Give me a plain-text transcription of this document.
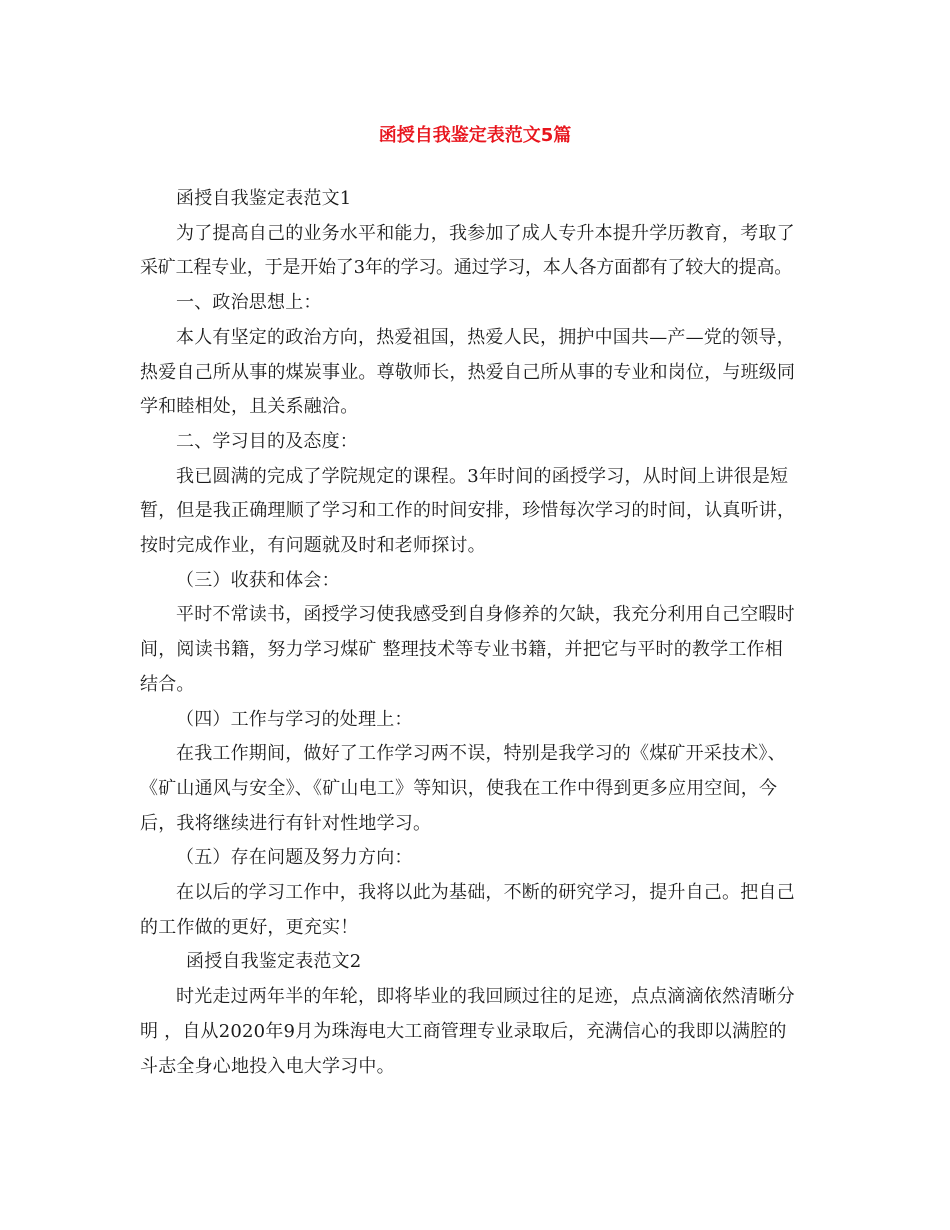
函授自我鉴定表范文5篇

函授自我鉴定表范文1

为了提高自己的业务水平和能力，我参加了成人专升本提升学历教育，考取了

采矿工程专业，于是开始了3年的学习。通过学习，本人各方面都有了较大的提高。

一、政治思想上：

本人有坚定的政治方向，热爱祖国，热爱人民，拥护中国共—产—党的领导，

热爱自己所从事的煤炭事业。尊敬师长，热爱自己所从事的专业和岗位，与班级同

学和睦相处，且关系融洽。

二、学习目的及态度：

我已圆满的完成了学院规定的课程。3年时间的函授学习，从时间上讲很是短

暂，但是我正确理顺了学习和工作的时间安排，珍惜每次学习的时间，认真听讲，

按时完成作业，有问题就及时和老师探讨。

（三）收获和体会：

平时不常读书，函授学习使我感受到自身修养的欠缺，我充分利用自己空暇时

间，阅读书籍，努力学习煤矿 整理技术等专业书籍，并把它与平时的教学工作相

结合。

（四）工作与学习的处理上：

在我工作期间，做好了工作学习两不误，特别是我学习的《煤矿开采技术》、

《矿山通风与安全》、《矿山电工》等知识，使我在工作中得到更多应用空间，今

后，我将继续进行有针对性地学习。

（五）存在问题及努力方向：

在以后的学习工作中，我将以此为基础，不断的研究学习，提升自己。把自己

的工作做的更好，更充实！

函授自我鉴定表范文2

时光走过两年半的年轮，即将毕业的我回顾过往的足迹，点点滴滴依然清晰分

明 ，自从2020年9月为珠海电大工商管理专业录取后，充满信心的我即以满腔的

斗志全身心地投入电大学习中。
